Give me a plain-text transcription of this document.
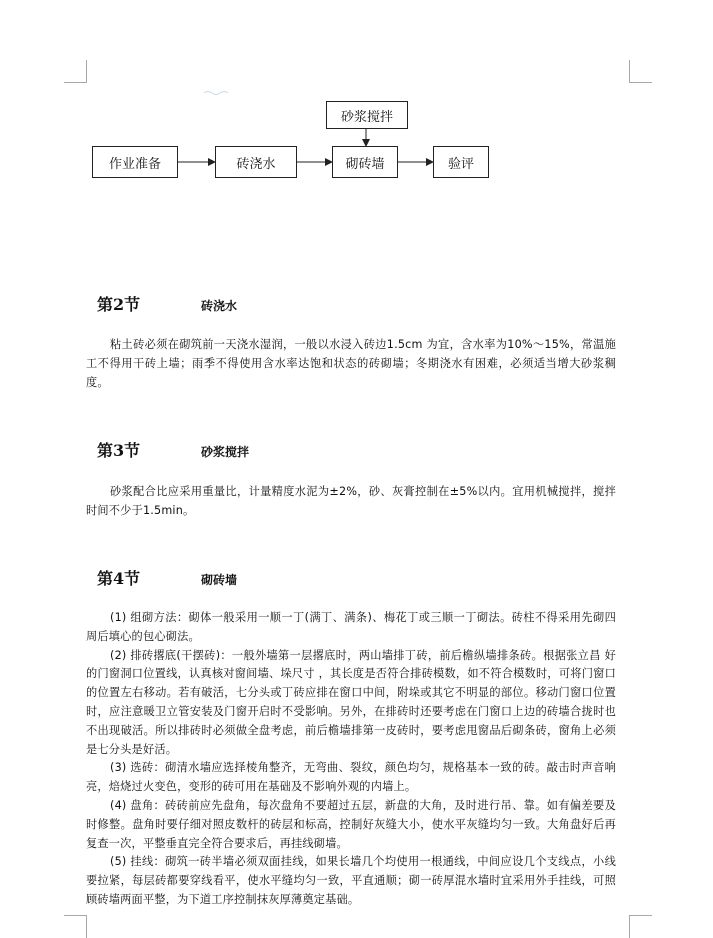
作业准备	砖浇水	砌砖墙	验评
砂浆搅拌
第2节	砖浇水

粘土砖必须在砌筑前一天浇水湿润，一般以水浸入砖边1.5cm 为宜，含水率为10%～15%，常温施工不得用干砖上墙；雨季不得使用含水率达饱和状态的砖砌墙；冬期浇水有困难，必须适当增大砂浆稠度。

第3节	砂浆搅拌

砂浆配合比应采用重量比，计量精度水泥为±2%，砂、灰膏控制在±5%以内。宜用机械搅拌，搅拌时间不少于1.5min。

第4节	砌砖墙

(1) 组砌方法：砌体一般采用一顺一丁(满丁、满条)、梅花丁或三顺一丁砌法。砖柱不得采用先砌四周后填心的包心砌法。

(2) 排砖撂底(干摆砖)：一般外墙第一层撂底时，两山墙排丁砖，前后檐纵墙排条砖。根据张立昌 好的门窗洞口位置线，认真核对窗间墙、垛尺寸 ，其长度是否符合排砖模数，如不符合模数时，可将门窗口的位置左右移动。若有破活，七分头或丁砖应排在窗口中间，附垛或其它不明显的部位。移动门窗口位置时，应注意暖卫立管安装及门窗开启时不受影响。另外，在排砖时还要考虑在门窗口上边的砖墙合拢时也不出现破活。所以排砖时必须做全盘考虑，前后檐墙排第一皮砖时，要考虑甩窗品后砌条砖，窗角上必须是七分头是好活。

(3) 选砖：砌清水墙应选择棱角整齐，无弯曲、裂纹，颜色均匀，规格基本一致的砖。敲击时声音响亮，焙烧过火变色，变形的砖可用在基础及不影响外观的内墙上。

(4) 盘角：砖砖前应先盘角，每次盘角不要超过五层，新盘的大角，及时进行吊、靠。如有偏差要及时修整。盘角时要仔细对照皮数杆的砖层和标高，控制好灰缝大小，使水平灰缝均匀一致。大角盘好后再复查一次，平整垂直完全符合要求后，再挂线砌墙。

(5) 挂线：砌筑一砖半墙必须双面挂线，如果长墙几个均使用一根通线，中间应设几个支线点，小线要拉紧，每层砖都要穿线看平，使水平缝均匀一致，平直通顺；砌一砖厚混水墙时宜采用外手挂线，可照顾砖墙两面平整，为下道工序控制抹灰厚薄奠定基础。
